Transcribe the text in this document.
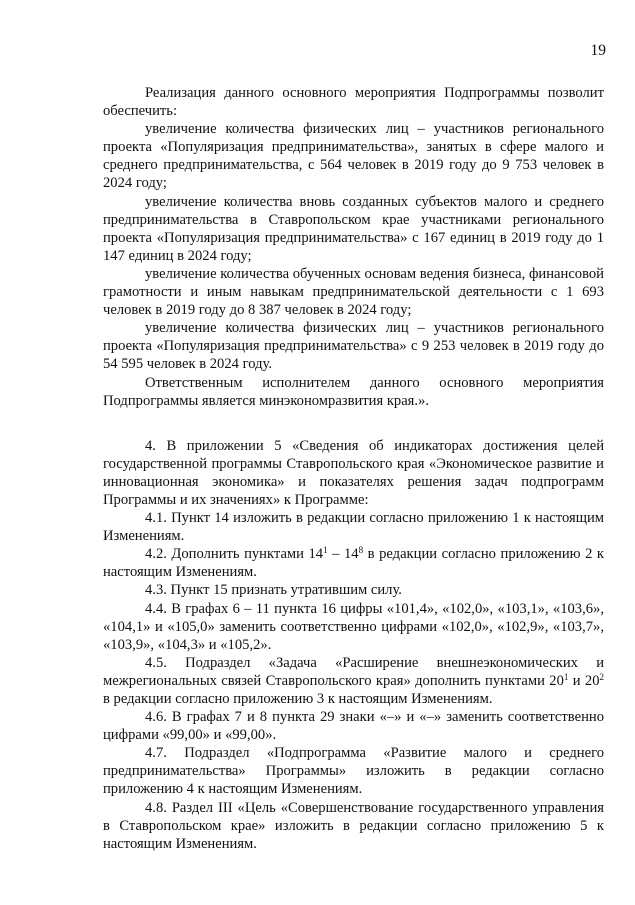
19

Реализация данного основного мероприятия Подпрограммы позволит обеспечить:

увеличение количества физических лиц – участников регионального проекта «Популяризация предпринимательства», занятых в сфере малого и среднего предпринимательства, с 564 человек в 2019 году до 9 753 человек в 2024 году;

увеличение количества вновь созданных субъектов малого и среднего предпринимательства в Ставропольском крае участниками регионального проекта «Популяризация предпринимательства» с 167 единиц в 2019 году до 1 147 единиц в 2024 году;

увеличение количества обученных основам ведения бизнеса, финансовой грамотности и иным навыкам предпринимательской деятельности с 1 693 человек в 2019 году до 8 387 человек в 2024 году;

увеличение количества физических лиц – участников регионального проекта «Популяризация предпринимательства» с 9 253 человек в 2019 году до 54 595 человек в 2024 году.

Ответственным исполнителем данного основного мероприятия Подпрограммы является минэкономразвития края.».

4. В приложении 5 «Сведения об индикаторах достижения целей государственной программы Ставропольского края «Экономическое развитие и инновационная экономика» и показателях решения задач подпрограмм Программы и их значениях» к Программе:

4.1. Пункт 14 изложить в редакции согласно приложению 1 к настоящим Изменениям.

4.2. Дополнить пунктами $14^1 - 14^8$ в редакции согласно приложению 2 к настоящим Изменениям.

4.3. Пункт 15 признать утратившим силу.

4.4. В графах 6 – 11 пункта 16 цифры «101,4», «102,0», «103,1», «103,6», «104,1» и «105,0» заменить соответственно цифрами «102,0», «102,9», «103,7», «103,9», «104,3» и «105,2».

4.5. Подраздел «Задача «Расширение внешнеэкономических и межрегиональных связей Ставропольского края» дополнить пунктами $20^1$ и $20^2$ в редакции согласно приложению 3 к настоящим Изменениям.

4.6. В графах 7 и 8 пункта 29 знаки «–» и «–» заменить соответственно цифрами «99,00» и «99,00».

4.7. Подраздел «Подпрограмма «Развитие малого и среднего предпринимательства» Программы» изложить в редакции согласно приложению 4 к настоящим Изменениям.

4.8. Раздел III «Цель «Совершенствование государственного управления в Ставропольском крае» изложить в редакции согласно приложению 5 к настоящим Изменениям.
